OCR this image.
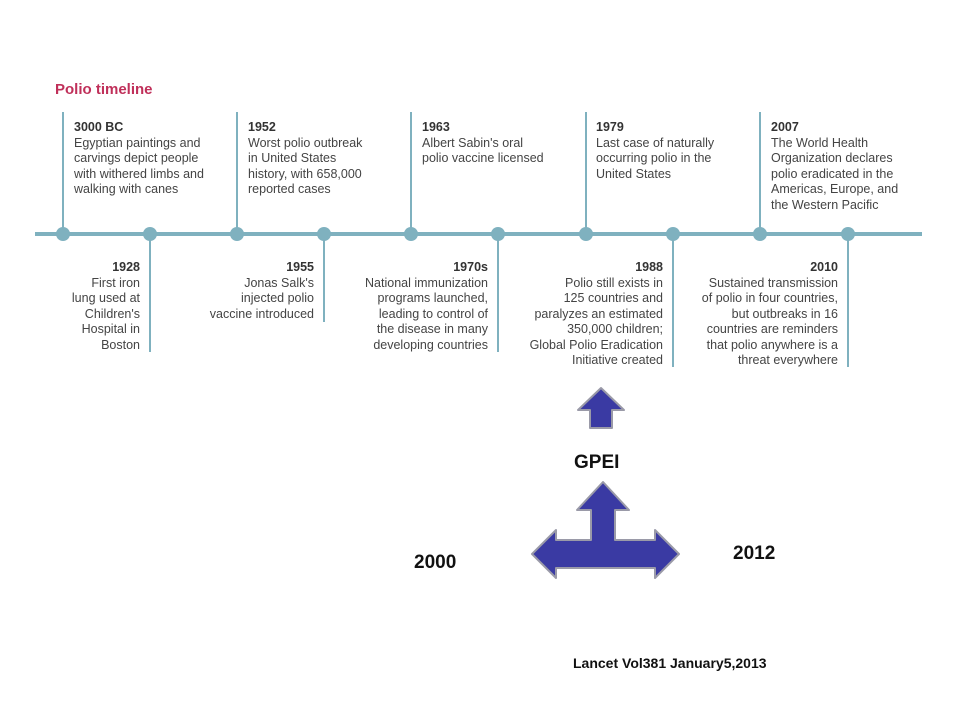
Polio timeline
3000 BC
Egyptian paintings and
carvings depict people
with withered limbs and
walking with canes
1952
Worst polio outbreak
in United States
history, with 658,000
reported cases
1963
Albert Sabin's oral
polio vaccine licensed
1979
Last case of naturally
occurring polio in the
United States
2007
The World Health
Organization declares
polio eradicated in the
Americas, Europe, and
the Western Pacific
1928
First iron
lung used at
Children's
Hospital in
Boston
1955
Jonas Salk's
injected polio
vaccine introduced
1970s
National immunization
programs launched,
leading to control of
the disease in many
developing countries
1988
Polio still exists in
125 countries and
paralyzes an estimated
350,000 children;
Global Polio Eradication
Initiative created
2010
Sustained transmission
of polio in four countries,
but outbreaks in 16
countries are reminders
that polio anywhere is a
threat everywhere
GPEI
2000	2012
Lancet Vol381 January5,2013
